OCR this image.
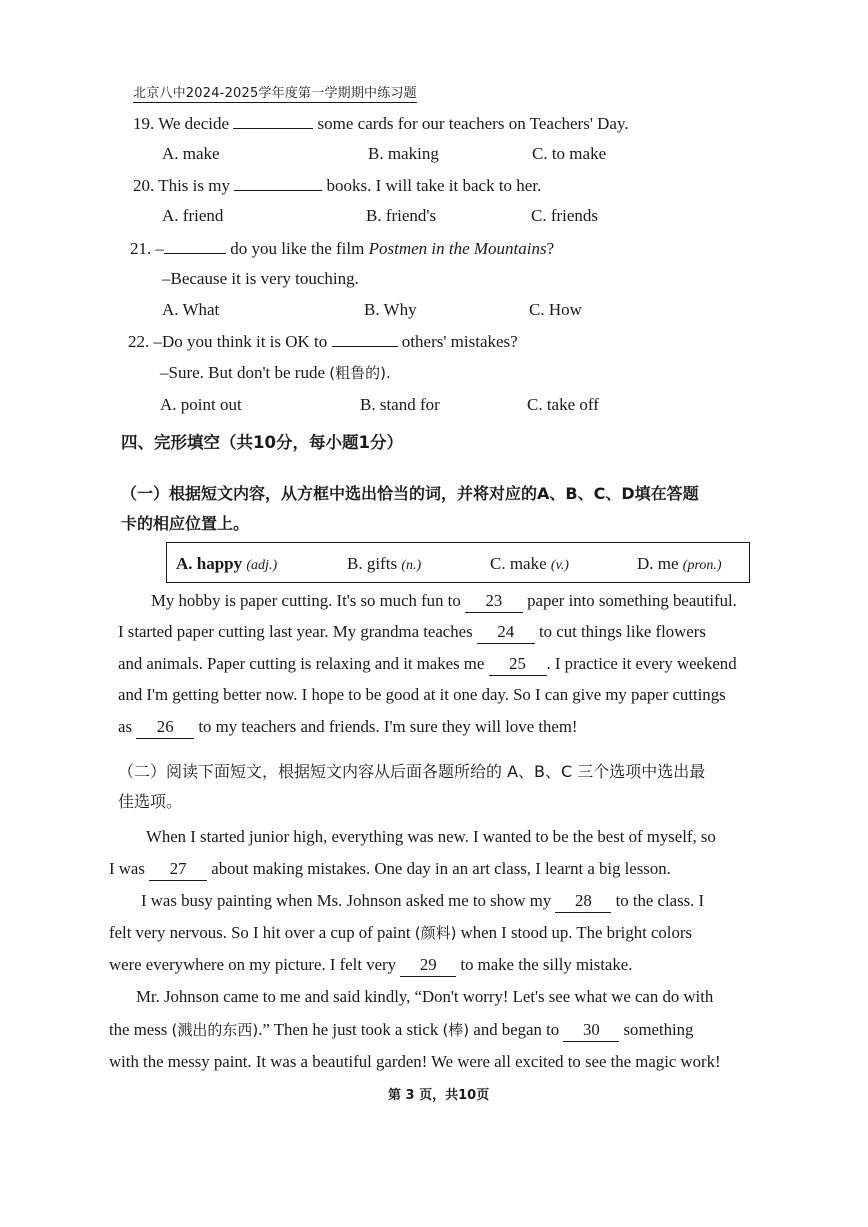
北京八中2024-2025学年度第一学期期中练习题
19. We decide	some cards for our teachers on Teachers' Day.
A. make	B. making	C. to make
20. This is my	books. I will take it back to her.
A. friend	B. friend's	C. friends
21. –	do you like the film Postmen in the Mountains?
–Because it is very touching.
A. What	B. Why	C. How
22. –Do you think it is OK to	others' mistakes?
–Sure. But don't be rude (粗鲁的).
A. point out	B. stand for	C. take off
四、完形填空（共10分，每小题1分）
（一）根据短文内容，从方框中选出恰当的词，并将对应的A、B、C、D填在答题
卡的相应位置上。
A. happy (adj.)	B. gifts (n.)	C. make (v.)	D. me (pron.)
My hobby is paper cutting. It's so much fun to 23 paper into something beautiful.
I started paper cutting last year. My grandma teaches 24 to cut things like flowers
and animals. Paper cutting is relaxing and it makes me 25 . I practice it every weekend
and I'm getting better now. I hope to be good at it one day. So I can give my paper cuttings
as 26 to my teachers and friends. I'm sure they will love them!
（二）阅读下面短文，根据短文内容从后面各题所给的 A、B、C 三个选项中选出最
佳选项。
When I started junior high, everything was new. I wanted to be the best of myself, so
I was 27 about making mistakes. One day in an art class, I learnt a big lesson.
I was busy painting when Ms. Johnson asked me to show my 28 to the class. I
felt very nervous. So I hit over a cup of paint (颜料) when I stood up. The bright colors
were everywhere on my picture. I felt very 29 to make the silly mistake.
Mr. Johnson came to me and said kindly, “Don't worry! Let's see what we can do with
the mess (溅出的东西).” Then he just took a stick (棒) and began to 30 something
with the messy paint. It was a beautiful garden! We were all excited to see the magic work!
第 3 页，共10页
